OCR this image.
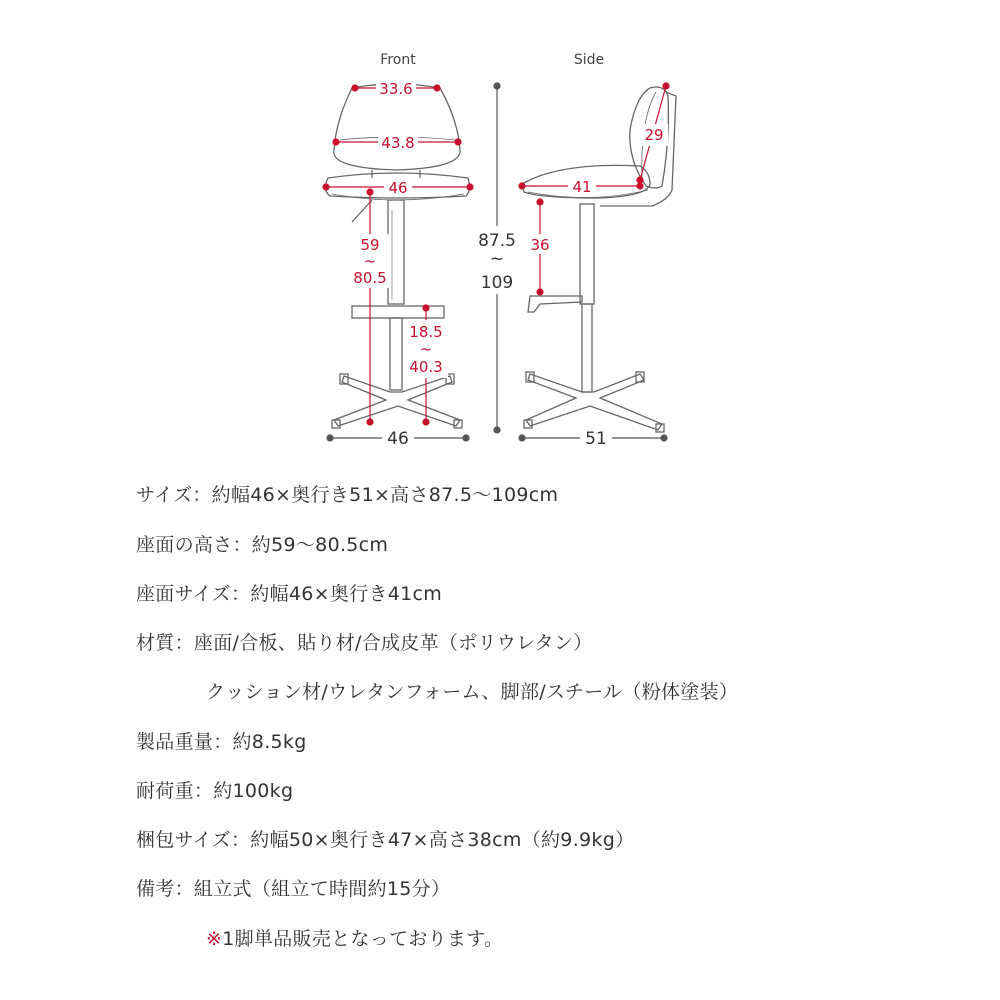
Front	Side
33.6
43.8
46
59
~
80.5
18.5
~
40.3
46
87.5
~
109
29
41
36
51
サイズ：約幅46×奥行き51×高さ87.5～109cm
座面の高さ：約59～80.5cm
座面サイズ：約幅46×奥行き41cm
材質：座面/合板、貼り材/合成皮革（ポリウレタン）
クッション材/ウレタンフォーム、脚部/スチール（粉体塗装）
製品重量：約8.5kg
耐荷重：約100kg
梱包サイズ：約幅50×奥行き47×高さ38cm（約9.9kg）
備考：組立式（組立て時間約15分）
※1脚単品販売となっております。
